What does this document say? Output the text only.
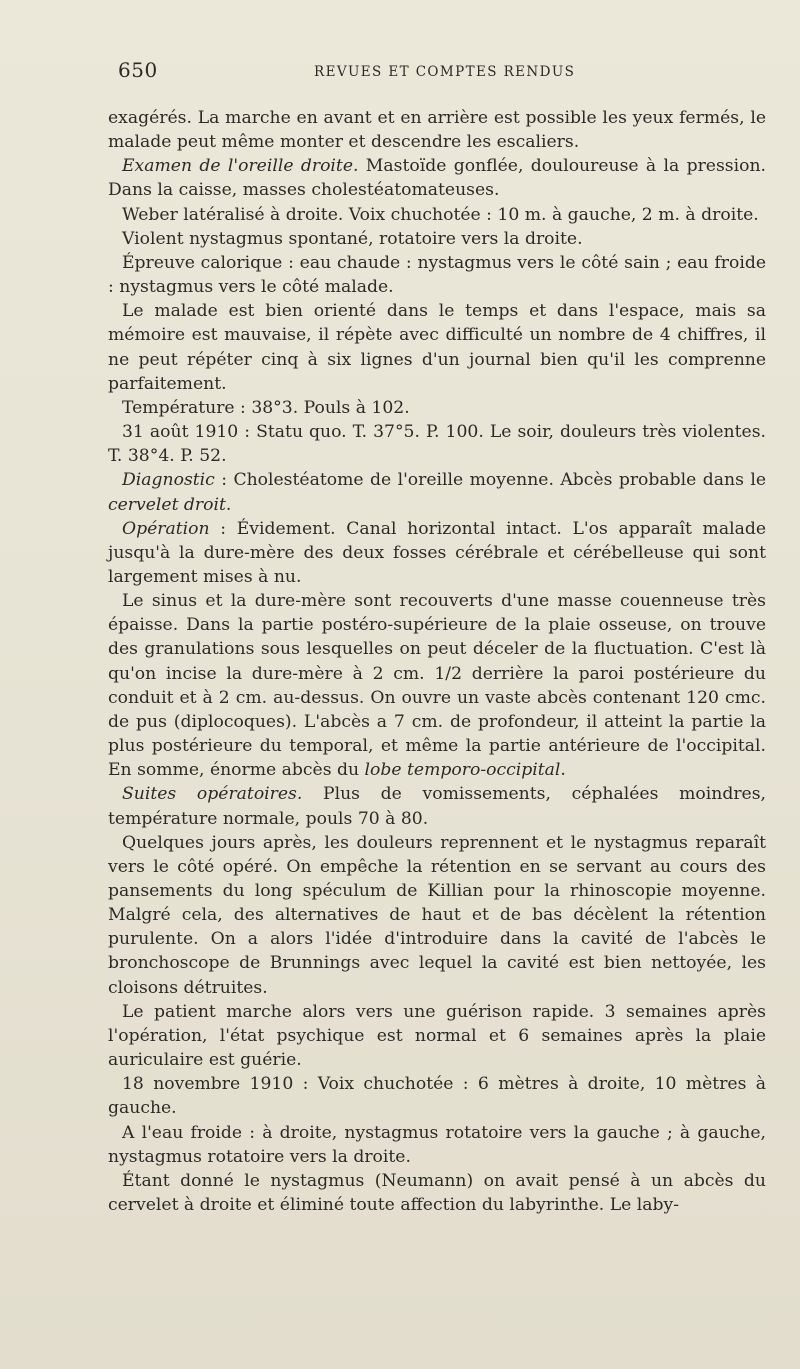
650	REVUES ET COMPTES RENDUS

exagérés. La marche en avant et en arrière est possible les yeux fermés, le malade peut même monter et descendre les escaliers.

Examen de l'oreille droite. Mastoïde gonflée, douloureuse à la pression. Dans la caisse, masses cholestéatomateuses.

Weber latéralisé à droite. Voix chuchotée : 10 m. à gauche, 2 m. à droite.

Violent nystagmus spontané, rotatoire vers la droite.

Épreuve calorique : eau chaude : nystagmus vers le côté sain ; eau froide : nystagmus vers le côté malade.

Le malade est bien orienté dans le temps et dans l'espace, mais sa mémoire est mauvaise, il répète avec difficulté un nombre de 4 chiffres, il ne peut répéter cinq à six lignes d'un journal bien qu'il les comprenne parfaitement.

Température : 38°3. Pouls à 102.

31 août 1910 : Statu quo. T. 37°5. P. 100. Le soir, douleurs très violentes. T. 38°4. P. 52.

Diagnostic : Cholestéatome de l'oreille moyenne. Abcès probable dans le cervelet droit.

Opération : Évidement. Canal horizontal intact. L'os apparaît malade jusqu'à la dure-mère des deux fosses cérébrale et cérébelleuse qui sont largement mises à nu.

Le sinus et la dure-mère sont recouverts d'une masse couenneuse très épaisse. Dans la partie postéro-supérieure de la plaie osseuse, on trouve des granulations sous lesquelles on peut déceler de la fluctuation. C'est là qu'on incise la dure-mère à 2 cm. 1/2 derrière la paroi postérieure du conduit et à 2 cm. au-dessus. On ouvre un vaste abcès contenant 120 cmc. de pus (diplocoques). L'abcès a 7 cm. de profondeur, il atteint la partie la plus postérieure du temporal, et même la partie antérieure de l'occipital. En somme, énorme abcès du lobe temporo-occipital.

Suites opératoires. Plus de vomissements, céphalées moindres, température normale, pouls 70 à 80.

Quelques jours après, les douleurs reprennent et le nystagmus reparaît vers le côté opéré. On empêche la rétention en se servant au cours des pansements du long spéculum de Killian pour la rhinoscopie moyenne. Malgré cela, des alternatives de haut et de bas décèlent la rétention purulente. On a alors l'idée d'introduire dans la cavité de l'abcès le bronchoscope de Brunnings avec lequel la cavité est bien nettoyée, les cloisons détruites.

Le patient marche alors vers une guérison rapide. 3 semaines après l'opération, l'état psychique est normal et 6 semaines après la plaie auriculaire est guérie.

18 novembre 1910 : Voix chuchotée : 6 mètres à droite, 10 mètres à gauche.

A l'eau froide : à droite, nystagmus rotatoire vers la gauche ; à gauche, nystagmus rotatoire vers la droite.

Étant donné le nystagmus (Neumann) on avait pensé à un abcès du cervelet à droite et éliminé toute affection du labyrinthe. Le laby-
